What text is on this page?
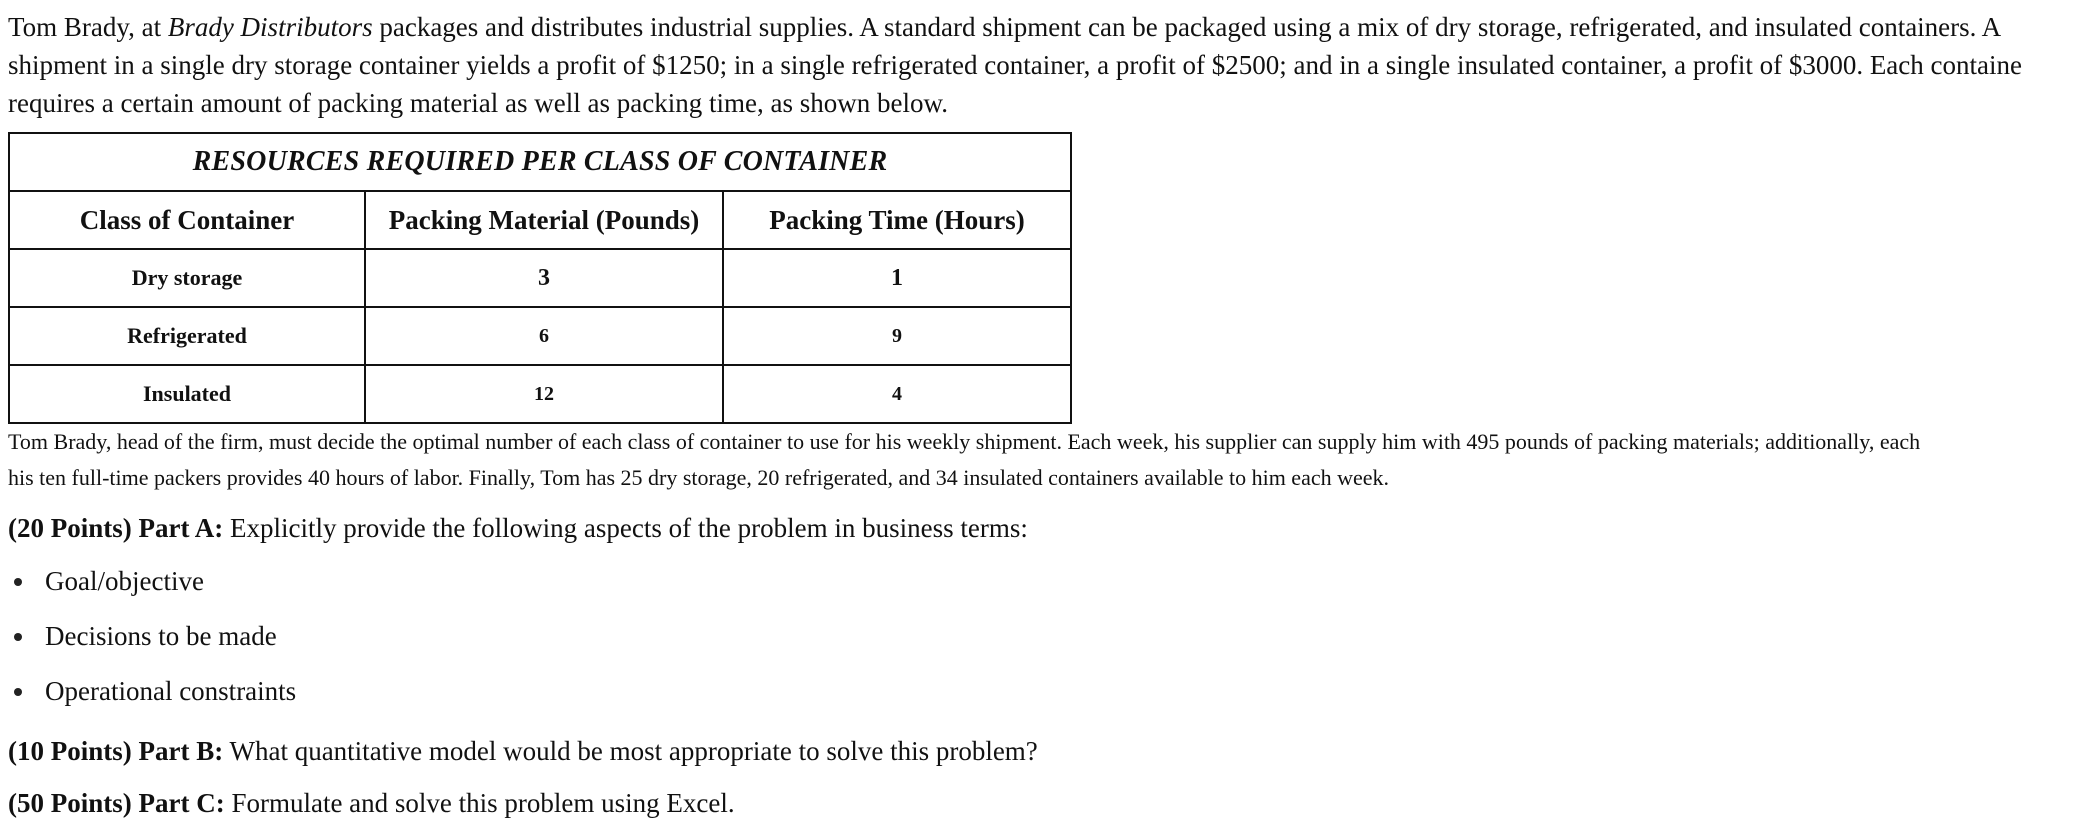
Tom Brady, at Brady Distributors packages and distributes industrial supplies. A standard shipment can be packaged using a mix of dry storage, refrigerated, and insulated containers. A
shipment in a single dry storage container yields a profit of $1250; in a single refrigerated container, a profit of $2500; and in a single insulated container, a profit of $3000. Each containe
requires a certain amount of packing material as well as packing time, as shown below.

RESOURCES REQUIRED PER CLASS OF CONTAINER		
Class of Container	Packing Material (Pounds)	Packing Time (Hours)
Dry storage	3	1
Refrigerated	6	9
Insulated	12	4

Tom Brady, head of the firm, must decide the optimal number of each class of container to use for his weekly shipment. Each week, his supplier can supply him with 495 pounds of packing materials; additionally, each
his ten full-time packers provides 40 hours of labor. Finally, Tom has 25 dry storage, 20 refrigerated, and 34 insulated containers available to him each week.

(20 Points) Part A: Explicitly provide the following aspects of the problem in business terms:

Goal/objective
Decisions to be made
Operational constraints

(10 Points) Part B: What quantitative model would be most appropriate to solve this problem?

(50 Points) Part C: Formulate and solve this problem using Excel.
